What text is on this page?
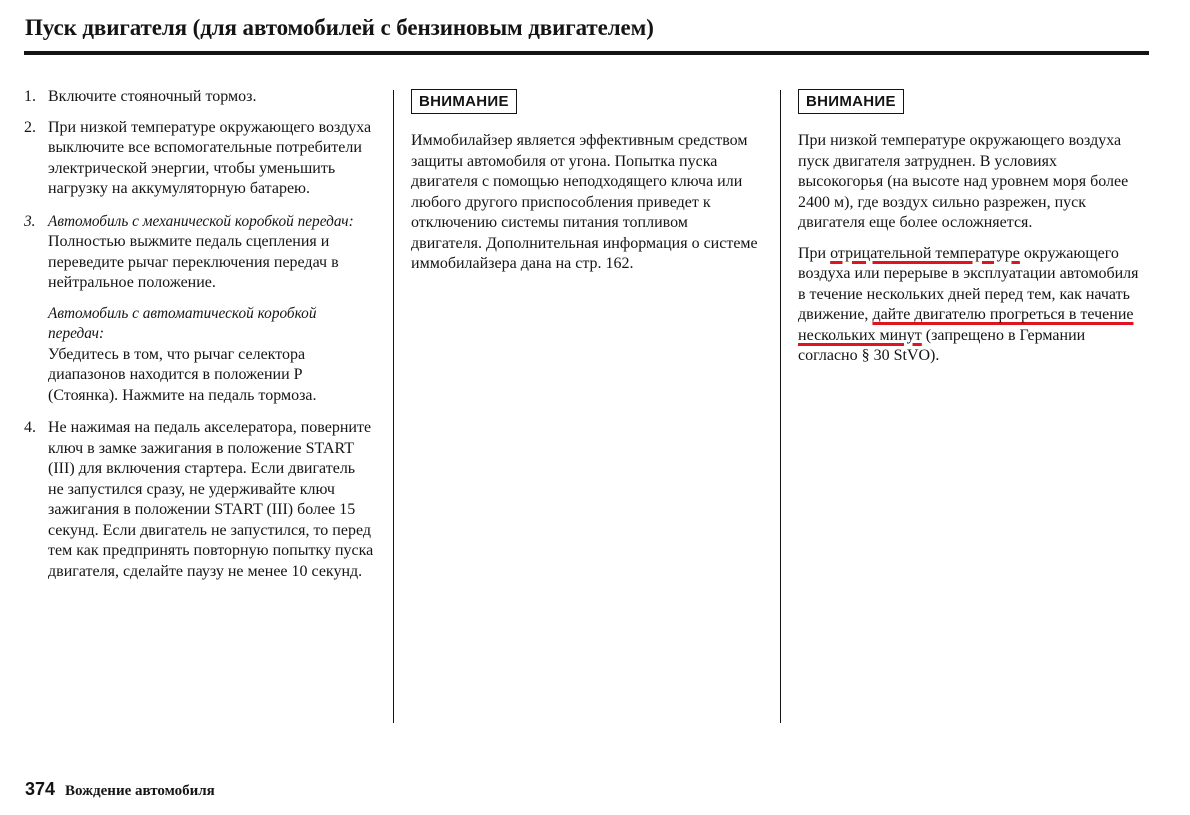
Пуск двигателя (для автомобилей с бензиновым двигателем)
1. Включите стояночный тормоз.

2. При низкой температуре окружающего воздуха выключите все вспомогательные потребители электрической энергии, чтобы уменьшить нагрузку на аккумуляторную батарею.

3. Автомобиль с механической коробкой передач:

Полностью выжмите педаль сцепления и переведите рычаг переключения передач в нейтральное положение.

Автомобиль с автоматической коробкой передач:

Убедитесь в том, что рычаг селектора диапазонов находится в положении P (Стоянка). Нажмите на педаль тормоза.

4. Не нажимая на педаль акселератора, поверните ключ в замке зажигания в положение START (III) для включения стартера. Если двигатель не запустился сразу, не удерживайте ключ зажигания в положении START (III) более 15 секунд. Если двигатель не запустился, то перед тем как предпринять повторную попытку пуска двигателя, сделайте паузу не менее 10 секунд.

ВНИМАНИЕ

Иммобилайзер является эффективным средством защиты автомобиля от угона. Попытка пуска двигателя с помощью неподходящего ключа или любого другого приспособления приведет к отключению системы питания топливом двигателя. Дополнительная информация о системе иммобилайзера дана на стр. 162.

ВНИМАНИЕ

При низкой температуре окружающего воздуха пуск двигателя затруднен. В условиях высокогорья (на высоте над уровнем моря более 2400 м), где воздух сильно разрежен, пуск двигателя еще более осложняется.

При отрицательной температуре окружающего воздуха или перерыве в эксплуатации автомобиля в течение нескольких дней перед тем, как начать движение, дайте двигателю прогреться в течение нескольких минут (запрещено в Германии согласно § 30 StVO).

374 Вождение автомобиля
